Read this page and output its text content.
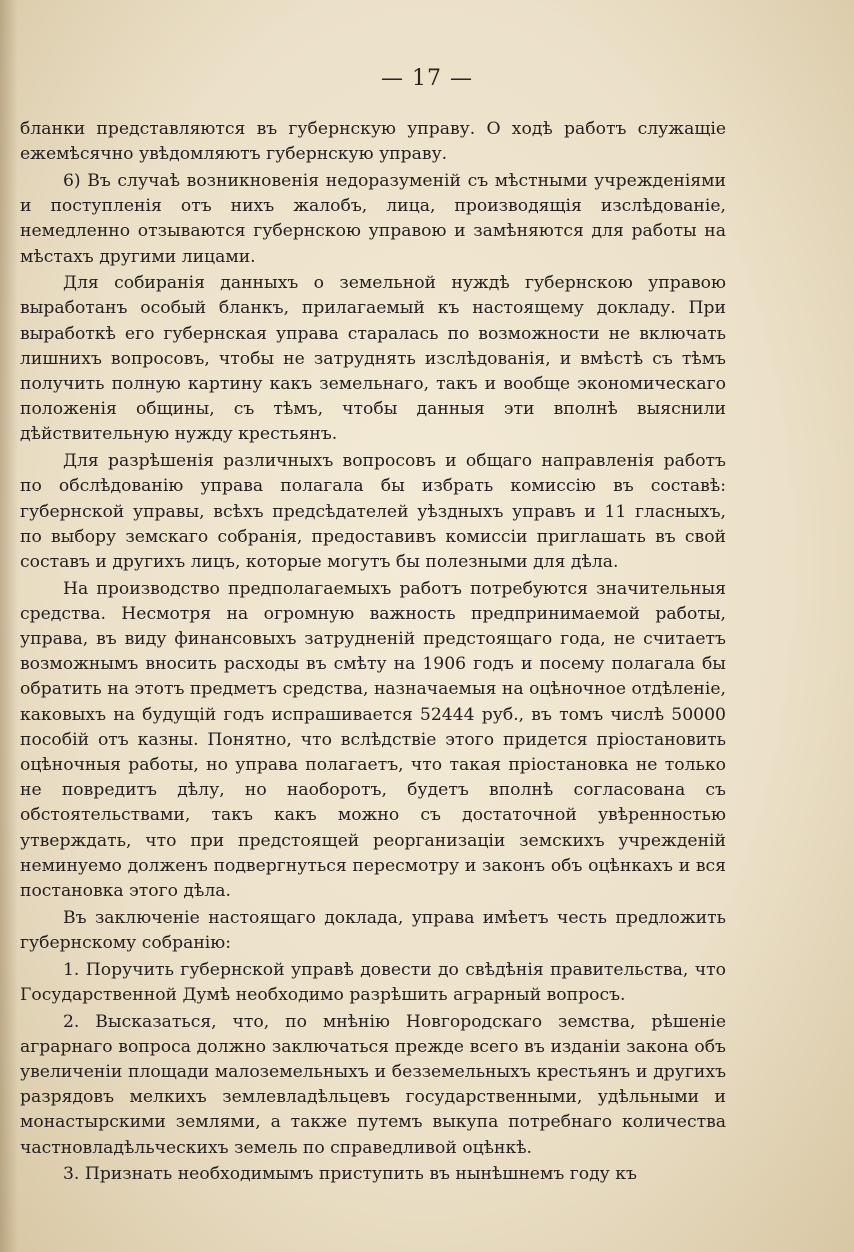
— 17 —

бланки представляются въ губернскую управу. О ходѣ работъ служащіе ежемѣсячно увѣдомляютъ губернскую управу.

6) Въ случаѣ возникновенія недоразуменій съ мѣстными учрежденіями и поступленія отъ нихъ жалобъ, лица, производящія изслѣдованіе, немедленно отзываются губернскою управою и замѣняются для работы на мѣстахъ другими лицами.

Для собиранія данныхъ о земельной нуждѣ губернскою управою выработанъ особый бланкъ, прилагаемый къ настоящему докладу. При выработкѣ его губернская управа старалась по возможности не включать лишнихъ вопросовъ, чтобы не затруднять изслѣдованія, и вмѣстѣ съ тѣмъ получить полную картину какъ земельнаго, такъ и вообще экономическаго положенія общины, съ тѣмъ, чтобы данныя эти вполнѣ выяснили дѣйствительную нужду крестьянъ.

Для разрѣшенія различныхъ вопросовъ и общаго направленія работъ по обслѣдованію управа полагала бы избрать комиссію въ составѣ: губернской управы, всѣхъ предсѣдателей уѣздныхъ управъ и 11 гласныхъ, по выбору земскаго собранія, предоставивъ комиссіи приглашать въ свой составъ и другихъ лицъ, которые могутъ бы полезными для дѣла.

На производство предполагаемыхъ работъ потребуются значительныя средства. Несмотря на огромную важность предпринимаемой работы, управа, въ виду финансовыхъ затрудненій предстоящаго года, не считаетъ возможнымъ вносить расходы въ смѣту на 1906 годъ и посему полагала бы обратить на этотъ предметъ средства, назначаемыя на оцѣночное отдѣленіе, каковыхъ на будущій годъ испрашивается 52444 руб., въ томъ числѣ 50000 пособій отъ казны. Понятно, что вслѣдствіе этого придется пріостановить оцѣночныя работы, но управа полагаетъ, что такая пріостановка не только не повредитъ дѣлу, но наоборотъ, будетъ вполнѣ согласована съ обстоятельствами, такъ какъ можно съ достаточной увѣренностью утверждать, что при предстоящей реорганизаціи земскихъ учрежденій неминуемо долженъ подвергнуться пересмотру и законъ объ оцѣнкахъ и вся постановка этого дѣла.

Въ заключеніе настоящаго доклада, управа имѣетъ честь предложить губернскому собранію:

1. Поручить губернской управѣ довести до свѣдѣнія правительства, что Государственной Думѣ необходимо разрѣшить аграрный вопросъ.

2. Высказаться, что, по мнѣнію Новгородскаго земства, рѣшеніе аграрнаго вопроса должно заключаться прежде всего въ изданіи закона объ увеличеніи площади малоземельныхъ и безземельныхъ крестьянъ и другихъ разрядовъ мелкихъ землевладѣльцевъ государственными, удѣльными и монастырскими землями, а также путемъ выкупа потребнаго количества частновладѣльческихъ земель по справедливой оцѣнкѣ.

3. Признать необходимымъ приступить въ нынѣшнемъ году къ
